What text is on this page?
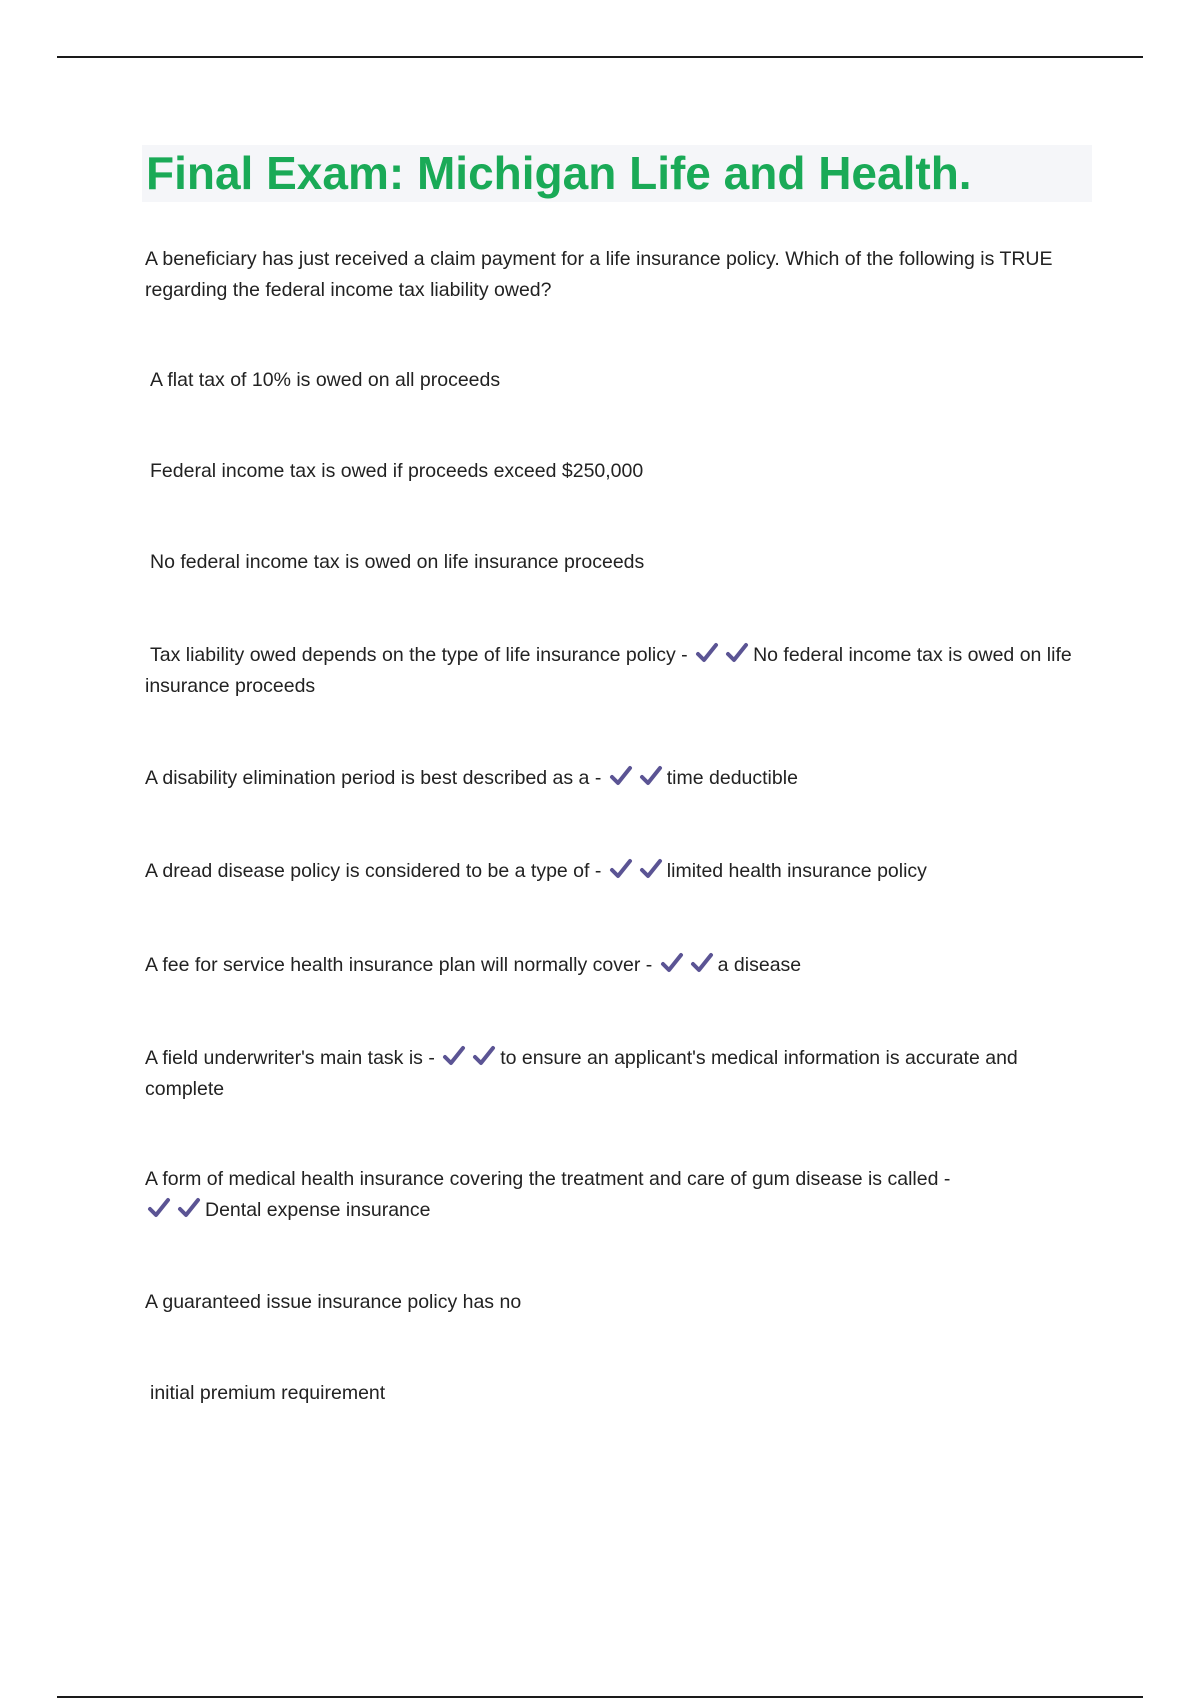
Final Exam: Michigan Life and Health.
A beneficiary has just received a claim payment for a life insurance policy. Which of the following is TRUE regarding the federal income tax liability owed?
A flat tax of 10% is owed on all proceeds
Federal income tax is owed if proceeds exceed $250,000
No federal income tax is owed on life insurance proceeds
Tax liability owed depends on the type of life insurance policy -	No federal income tax is owed on life insurance proceeds
A disability elimination period is best described as a -	time deductible
A dread disease policy is considered to be a type of -	limited health insurance policy
A fee for service health insurance plan will normally cover -	a disease
A field underwriter's main task is -	to ensure an applicant's medical information is accurate and complete
A form of medical health insurance covering the treatment and care of gum disease is called -

Dental expense insurance
A guaranteed issue insurance policy has no
initial premium requirement
